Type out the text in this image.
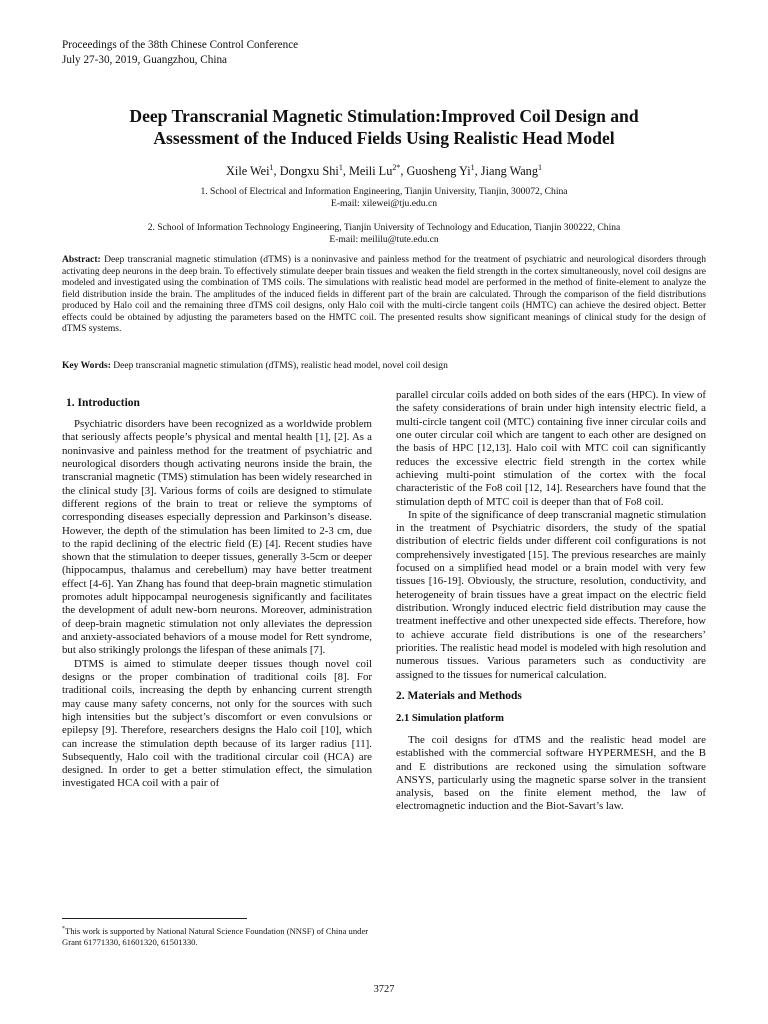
Proceedings of the 38th Chinese Control Conference
July 27-30, 2019, Guangzhou, China
Deep Transcranial Magnetic Stimulation:Improved Coil Design and
Assessment of the Induced Fields Using Realistic Head Model
Xile Wei$^1$, Dongxu Shi$^1$, Meili $Lu^{2*}$, Guosheng Yi$^1$, Jiang Wang$^1$
1. School of Electrical and Information Engineering, Tianjin University, Tianjin, 300072, China
E-mail: xilewei@tju.edu.cn
2. School of Information Technology Engineering, Tianjin University of Technology and Education, Tianjin 300222, China
E-mail: meililu@tute.edu.cn
Abstract: Deep transcranial magnetic stimulation (dTMS) is a noninvasive and painless method for the treatment of psychiatric and neurological disorders through activating deep neurons in the deep brain. To effectively stimulate deeper brain tissues and weaken the field strength in the cortex simultaneously, novel coil designs are modeled and investigated using the combination of TMS coils. The simulations with realistic head model are performed in the method of finite-element to analyze the field distribution inside the brain. The amplitudes of the induced fields in different part of the brain are calculated. Through the comparison of the field distributions produced by Halo coil and the remaining three dTMS coil designs, only Halo coil with the multi-circle tangent coils (HMTC) can achieve the desired object. Better effects could be obtained by adjusting the parameters based on the HMTC coil. The presented results show significant meanings of clinical study for the design of dTMS systems.
Key Words: Deep transcranial magnetic stimulation (dTMS), realistic head model, novel coil design
1. Introduction

Psychiatric disorders have been recognized as a worldwide problem that seriously affects people’s physical and mental health [1], [2]. As a noninvasive and painless method for the treatment of psychiatric and neurological disorders though activating neurons inside the brain, the transcranial magnetic (TMS) stimulation has been widely researched in the clinical study [3]. Various forms of coils are designed to stimulate different regions of the brain to treat or relieve the symptoms of corresponding diseases especially depression and Parkinson’s disease. However, the depth of the stimulation has been limited to 2-3 cm, due to the rapid declining of the electric field (E) [4]. Recent studies have shown that the stimulation to deeper tissues, generally 3-5cm or deeper (hippocampus, thalamus and cerebellum) may have better treatment effect [4-6]. Yan Zhang has found that deep-brain magnetic stimulation promotes adult hippocampal neurogenesis significantly and facilitates the development of adult new-born neurons. Moreover, administration of deep-brain magnetic stimulation not only alleviates the depression and anxiety-associated behaviors of a mouse model for Rett syndrome, but also strikingly prolongs the lifespan of these animals [7].

DTMS is aimed to stimulate deeper tissues though novel coil designs or the proper combination of traditional coils [8]. For traditional coils, increasing the depth by enhancing current strength may cause many safety concerns, not only for the sources with such high intensities but the subject’s discomfort or even convulsions or epilepsy [9]. Therefore, researchers designs the Halo coil [10], which can increase the stimulation depth because of its larger radius [11]. Subsequently, Halo coil with the traditional circular coil (HCA) are designed. In order to get a better stimulation effect, the simulation investigated HCA coil with a pair of

parallel circular coils added on both sides of the ears (HPC). In view of the safety considerations of brain under high intensity electric field, a multi-circle tangent coil (MTC) containing five inner circular coils and one outer circular coil which are tangent to each other are designed on the basis of HPC [12,13]. Halo coil with MTC coil can significantly reduces the excessive electric field strength in the cortex while achieving multi-point stimulation of the cortex with the focal characteristic of the Fo8 coil [12, 14]. Researchers have found that the stimulation depth of MTC coil is deeper than that of Fo8 coil.

In spite of the significance of deep transcranial magnetic stimulation in the treatment of Psychiatric disorders, the study of the spatial distribution of electric fields under different coil configurations is not comprehensively investigated [15]. The previous researches are mainly focused on a simplified head model or a brain model with very few tissues [16-19]. Obviously, the structure, resolution, conductivity, and heterogeneity of brain tissues have a great impact on the electric field distribution. Wrongly induced electric field distribution may cause the treatment ineffective and other unexpected side effects. Therefore, how to achieve accurate field distributions is one of the researchers’ priorities. The realistic head model is modeled with high resolution and numerous tissues. Various parameters such as conductivity are assigned to the tissues for numerical calculation.

2. Materials and Methods
2.1 Simulation platform

The coil designs for dTMS and the realistic head model are established with the commercial software HYPERMESH, and the B and E distributions are reckoned using the simulation software ANSYS, particularly using the magnetic sparse solver in the transient analysis, based on the finite element method, the law of electromagnetic induction and the Biot-Savart’s law.

*This work is supported by National Natural Science Foundation (NNSF) of China under Grant 61771330, 61601320, 61501330.
3727
